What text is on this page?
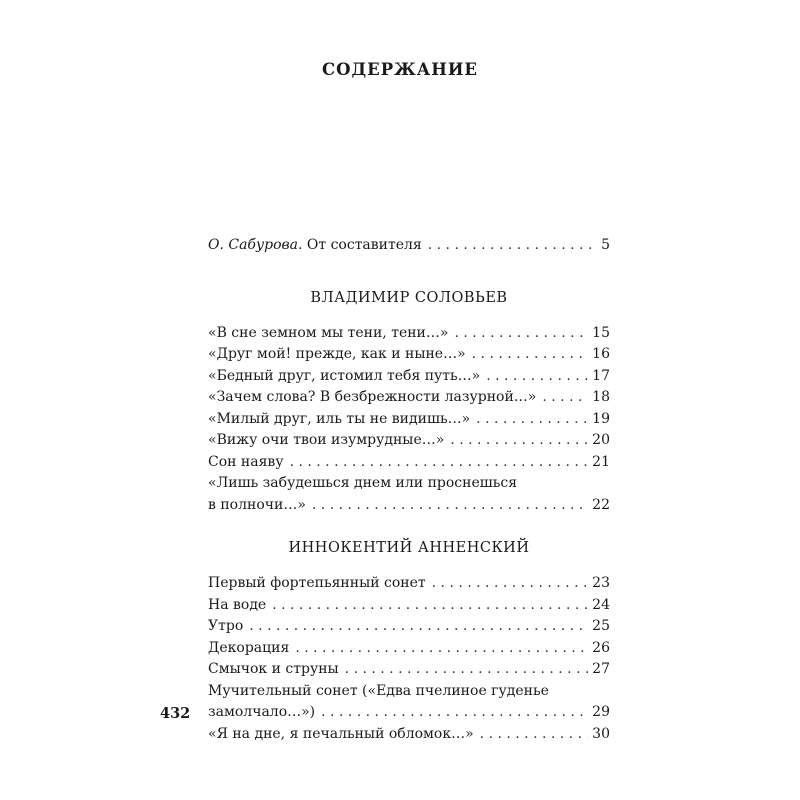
СОДЕРЖАНИЕ
О. Сабурова. От составителя . . .	5
ВЛАДИМИР СОЛОВЬЕВ
«В сне земном мы тени, тени…» . . .	15
«Друг мой! прежде, как и ныне…» . . .	16
«Бедный друг, истомил тебя путь…» . . .	17
«Зачем слова? В безбрежности лазурной…» . . .	18
«Милый друг, иль ты не видишь…» . . .	19
«Вижу очи твои изумрудные…» . . .	20
Сон наяву . . .	21
«Лишь забудешься днем или проснешься
в полночи…» . . .	22
ИННОКЕНТИЙ АННЕНСКИЙ
Первый фортепьянный сонет . . .	23
На воде . . .	24
Утро . . .	25
Декорация . . .	26
Смычок и струны . . .	27
Мучительный сонет («Едва пчелиное гуденье
замолчало…») . . .	29
«Я на дне, я печальный обломок…» . . .	30
432
